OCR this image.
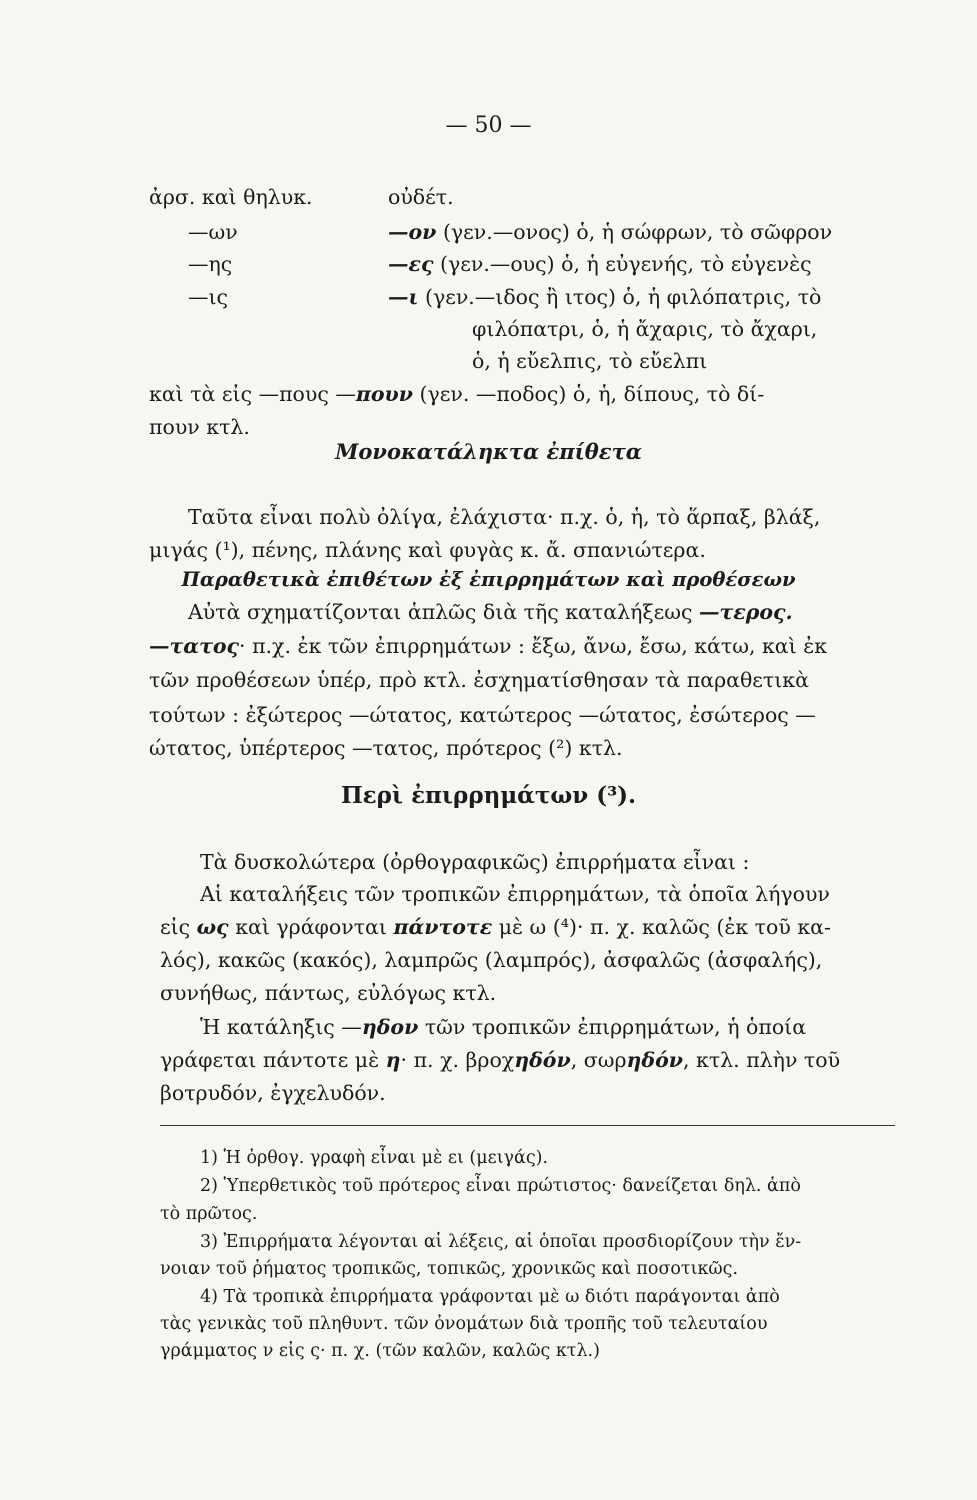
— 50 —
ἀρσ. καὶ θηλυκ.	οὐδέτ.
—ων	—ον (γεν.—ονος) ὁ, ἡ σώφρων, τὸ σῶφρον
—ης	—ες (γεν.—ους) ὁ, ἡ εὐγενής, τὸ εὐγενὲς
—ις	—ι (γεν.—ιδος ἢ ιτος) ὁ, ἡ φιλόπατρις, τὸ
φιλόπατρι, ὁ, ἡ ἄχαρις, τὸ ἄχαρι,
ὁ, ἡ εὔελπις, τὸ εὔελπι
καὶ τὰ εἰς —πους —πουν (γεν. —ποδος) ὁ, ἡ, δίπους, τὸ δί-
πουν κτλ.
Μονοκατάληκτα ἐπίθετα
Ταῦτα εἶναι πολὺ ὀλίγα, ἐλάχιστα· π.χ. ὁ, ἡ, τὸ ἅρπαξ, βλάξ,
μιγάς (¹), πένης, πλάνης καὶ φυγὰς κ. ἄ. σπανιώτερα.
Παραθετικὰ ἐπιθέτων ἐξ ἐπιρρημάτων καὶ προθέσεων
Αὐτὰ σχηματίζονται ἁπλῶς διὰ τῆς καταλήξεως —τερος.
—τατος· π.χ. ἐκ τῶν ἐπιρρημάτων : ἔξω, ἄνω, ἔσω, κάτω, καὶ ἐκ
τῶν προθέσεων ὑπέρ, πρὸ κτλ. ἐσχηματίσθησαν τὰ παραθετικὰ
τούτων : ἐξώτερος —ώτατος, κατώτερος —ώτατος, ἐσώτερος —
ώτατος, ὑπέρτερος —τατος, πρότερος (²) κτλ.
Περὶ ἐπιρρημάτων (³).
Τὰ δυσκολώτερα (ὀρθογραφικῶς) ἐπιρρήματα εἶναι :
Αἱ καταλήξεις τῶν τροπικῶν ἐπιρρημάτων, τὰ ὁποῖα λήγουν
εἰς ως καὶ γράφονται πάντοτε μὲ ω (⁴)· π. χ. καλῶς (ἐκ τοῦ κα-
λός), κακῶς (κακός), λαμπρῶς (λαμπρός), ἀσφαλῶς (ἀσφαλής),
συνήθως, πάντως, εὐλόγως κτλ.
Ἡ κατάληξις —ηδον τῶν τροπικῶν ἐπιρρημάτων, ἡ ὁποία
γράφεται πάντοτε μὲ η· π. χ. βροχηδόν, σωρηδόν, κτλ. πλὴν τοῦ
βοτρυδόν, ἐγχελυδόν.
1) Ἡ ὀρθογ. γραφὴ εἶναι μὲ ει (μειγάς).
2) Ὑπερθετικὸς τοῦ πρότερος εἶναι πρώτιστος· δανείζεται δηλ. ἀπὸ
τὸ πρῶτος.
3) Ἐπιρρήματα λέγονται αἱ λέξεις, αἱ ὁποῖαι προσδιορίζουν τὴν ἔν-
νοιαν τοῦ ῥήματος τροπικῶς, τοπικῶς, χρονικῶς καὶ ποσοτικῶς.
4) Τὰ τροπικὰ ἐπιρρήματα γράφονται μὲ ω διότι παράγονται ἀπὸ
τὰς γενικὰς τοῦ πληθυντ. τῶν ὀνομάτων διὰ τροπῆς τοῦ τελευταίου
γράμματος ν εἰς ς· π. χ. (τῶν καλῶν, καλῶς κτλ.)
